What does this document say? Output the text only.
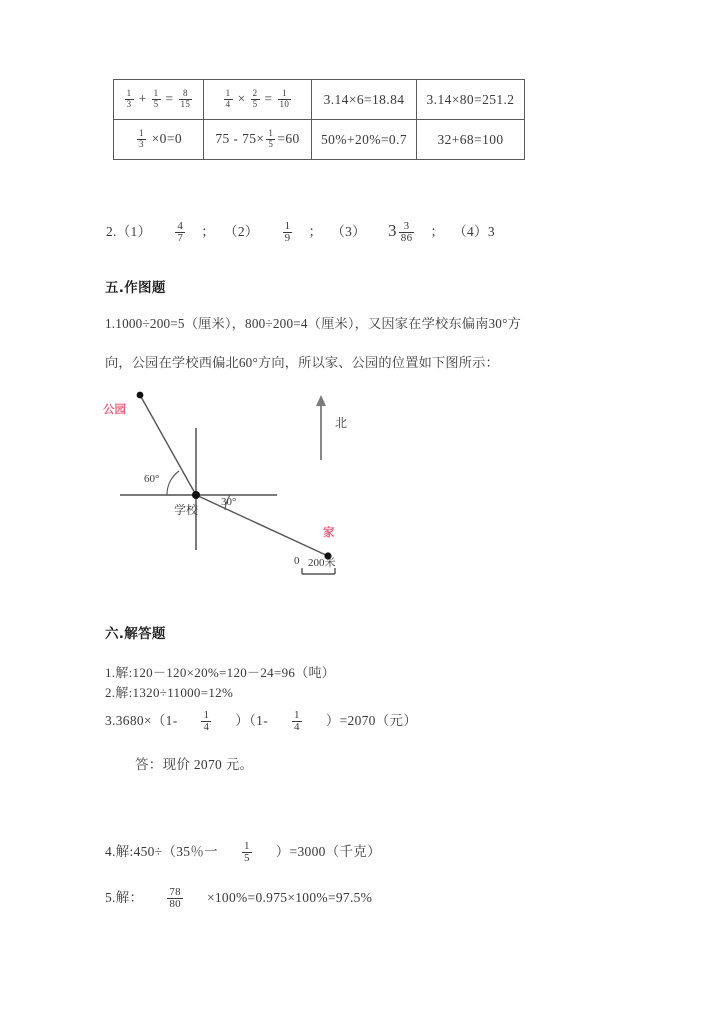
$\frac{1}{3} + \frac{1}{5} = \frac{8}{15}$	$\frac{1}{4} \times \frac{2}{5} = \frac{1}{10}$	3.14×6=18.84	3.14×80=251.2

$\frac{1}{3} \times 0=0$	$75 - 75\times \frac{1}{5} =60$	50%+20%=0.7	32+68=100
$2.(1) \frac{4}{7}$ ； $(2) \frac{1}{9}$ ； （3） $3 \frac{3}{86}$ ； （4）3
五.作图题
1.1000÷200=5（厘米），800÷200=4（厘米），又因家在学校东偏南30°方
向，公园在学校西偏北60°方向，所以家、公园的位置如下图所示：
公园
学校
家
北
60°
30°
0 200米
六.解答题
1.解:120－120×20%=120－24=96（吨）
2.解:1320÷11000=12%
$3.3680\times(1- \frac{1}{4} )(1- \frac{1}{4} )=2070$（元）
答：现价 2070 元。
4.解:450÷（35％一 $\frac{1}{5} )=3000$（千克）
5.解： $\frac{78}{80} \times 100\%=0.975\times 100\%=97.5\%$
